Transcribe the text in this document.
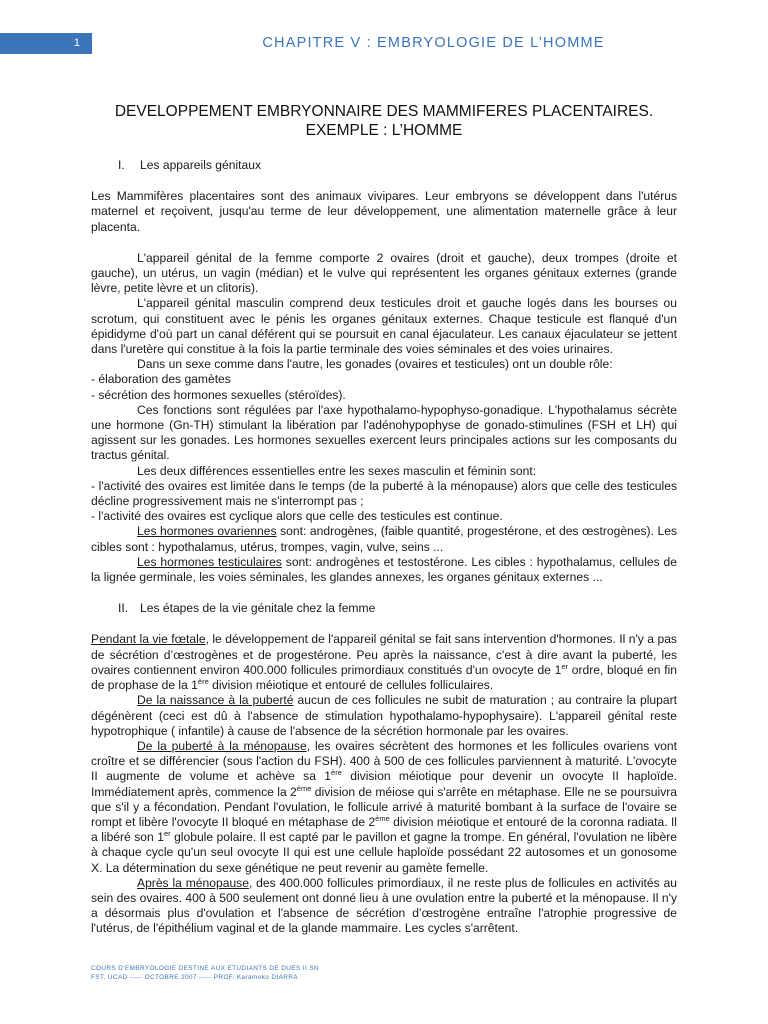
1	CHAPITRE V : EMBRYOLOGIE DE L’HOMME
DEVELOPPEMENT EMBRYONNAIRE DES MAMMIFERES PLACENTAIRES.
EXEMPLE : L’HOMME

I. Les appareils génitaux

Les Mammifères placentaires sont des animaux vivipares. Leur embryons se développent dans l'utérus maternel et reçoivent, jusqu'au terme de leur développement, une alimentation maternelle grâce à leur placenta.

L'appareil génital de la femme comporte 2 ovaires (droit et gauche), deux trompes (droite et gauche), un utérus, un vagin (médian) et le vulve qui représentent les organes génitaux externes (grande lèvre, petite lèvre et un clitoris).

L'appareil génital masculin comprend deux testicules droit et gauche logés dans les bourses ou scrotum, qui constituent avec le pénis les organes génitaux externes. Chaque testicule est flanqué d'un épididyme d'où part un canal déférent qui se poursuit en canal éjaculateur. Les canaux éjaculateur se jettent dans l'uretère qui constitue à la fois la partie terminale des voies séminales et des voies urinaires.

Dans un sexe comme dans l'autre, les gonades (ovaires et testicules) ont un double rôle:

- élaboration des gamètes

- sécrétion des hormones sexuelles (stéroïdes).

Ces fonctions sont régulées par l'axe hypothalamo-hypophyso-gonadique. L'hypothalamus sécrète une hormone (Gn-TH) stimulant la libération par l'adénohypophyse de gonado-stimulines (FSH et LH) qui agissent sur les gonades. Les hormones sexuelles exercent leurs principales actions sur les composants du tractus génital.

Les deux différences essentielles entre les sexes masculin et féminin sont:

- l'activité des ovaires est limitée dans le temps (de la puberté à la ménopause) alors que celle des testicules décline progressivement mais ne s'interrompt pas ;

- l'activité des ovaires est cyclique alors que celle des testicules est continue.

Les hormones ovariennes sont: androgènes, (faible quantité, progestérone, et des œstrogènes). Les cibles sont : hypothalamus, utérus, trompes, vagin, vulve, seins ...

Les hormones testiculaires sont: androgènes et testostérone. Les cibles : hypothalamus, cellules de la lignée germinale, les voies séminales, les glandes annexes, les organes génitaux externes ...

II. Les étapes de la vie génitale chez la femme

Pendant la vie fœtale, le développement de l'appareil génital se fait sans intervention d'hormones. Il n'y a pas de sécrétion d’œstrogènes et de progestérone. Peu après la naissance, c'est à dire avant la puberté, les ovaires contiennent environ 400.000 follicules primordiaux constitués d'un ovocyte de 1er ordre, bloqué en fin de prophase de la 1ère division méiotique et entouré de cellules folliculaires.

De la naissance à la puberté aucun de ces follicules ne subit de maturation ; au contraire la plupart dégénèrent (ceci est dû à l'absence de stimulation hypothalamo-hypophysaire). L'appareil génital reste hypotrophique ( infantile) à cause de l'absence de la sécrétion hormonale par les ovaires.

De la puberté à la ménopause, les ovaires sécrètent des hormones et les follicules ovariens vont croître et se différencier (sous l'action du FSH). 400 à 500 de ces follicules parviennent à maturité. L'ovocyte II augmente de volume et achève sa 1ère division méiotique pour devenir un ovocyte II haploïde. Immédiatement après, commence la 2ème division de méiose qui s'arrête en métaphase. Elle ne se poursuivra que s'il y a fécondation. Pendant l'ovulation, le follicule arrivé à maturité bombant à la surface de l'ovaire se rompt et libère l'ovocyte II bloqué en métaphase de 2ème division méiotique et entouré de la coronna radiata. Il a libéré son 1er globule polaire. Il est capté par le pavillon et gagne la trompe. En général, l'ovulation ne libère à chaque cycle qu'un seul ovocyte II qui est une cellule haploïde possédant 22 autosomes et un gonosome X. La détermination du sexe génétique ne peut revenir au gamète femelle.

Après la ménopause, des 400.000 follicules primordiaux, il ne reste plus de follicules en activités au sein des ovaires. 400 à 500 seulement ont donné lieu à une ovulation entre la puberté et la ménopause. Il n'y a désormais plus d'ovulation et l'absence de sécrétion d’œstrogène entraîne l'atrophie progressive de l'utérus, de l'épithélium vaginal et de la glande mammaire. Les cycles s'arrêtent.

COURS D'EMBRYOLOGIE DESTINE AUX ETUDIANTS DE DUES II SN
FST, UCAD ----- OCTOBRE 2007 ----- PROF. Karamoko DIARRA
